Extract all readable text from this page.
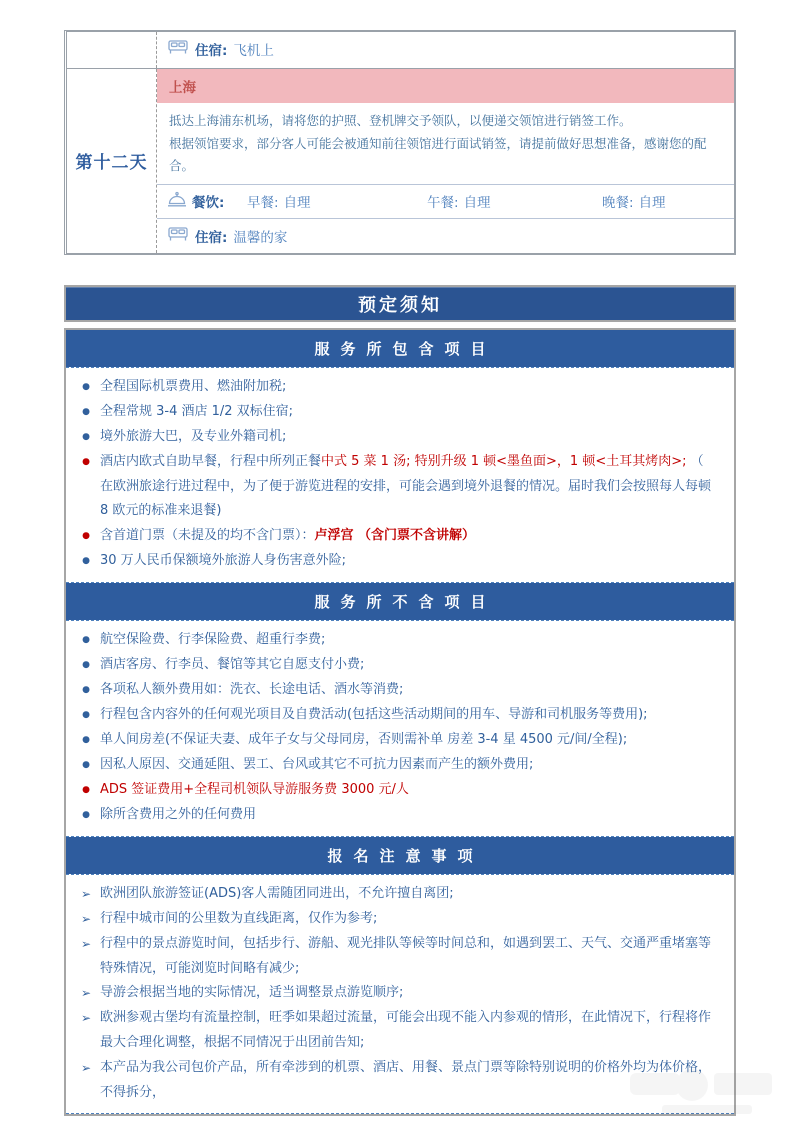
住宿: 飞机上
第十二天
上海
抵达上海浦东机场，请将您的护照、登机牌交予领队，以便递交领馆进行销签工作。
根据领馆要求，部分客人可能会被通知前往领馆进行面试销签，请提前做好思想准备，感谢您的配合。
餐饮: 早餐: 自理	午餐: 自理	晚餐: 自理
住宿: 温馨的家
预定须知
服务所包含项目
● 全程国际机票费用、燃油附加税;
● 全程常规 3-4 酒店 1/2 双标住宿;
● 境外旅游大巴，及专业外籍司机;
● 酒店内欧式自助早餐，行程中所列正餐中式 5 菜 1 汤; 特别升级 1 顿<墨鱼面>，1 顿<土耳其烤肉>; （ 在欧洲旅途行进过程中，为了便于游览进程的安排，可能会遇到境外退餐的情况。届时我们会按照每人每顿 8 欧元的标准来退餐)
● 含首道门票（未提及的均不含门票）：卢浮宫 （含门票不含讲解）
● 30 万人民币保额境外旅游人身伤害意外险;
服务所不含项目
● 航空保险费、行李保险费、超重行李费;
● 酒店客房、行李员、餐馆等其它自愿支付小费;
● 各项私人额外费用如：洗衣、长途电话、酒水等消费;
● 行程包含内容外的任何观光项目及自费活动(包括这些活动期间的用车、导游和司机服务等费用);
● 单人间房差(不保证夫妻、成年子女与父母同房，否则需补单 房差 3-4 星 4500 元/间/全程);
● 因私人原因、交通延阻、罢工、台风或其它不可抗力因素而产生的额外费用;
● ADS 签证费用+全程司机领队导游服务费 3000 元/人
● 除所含费用之外的任何费用
报名注意事项
➢ 欧洲团队旅游签证(ADS)客人需随团同进出，不允许擅自离团;
➢ 行程中城市间的公里数为直线距离，仅作为参考;
➢ 行程中的景点游览时间，包括步行、游船、观光排队等候等时间总和，如遇到罢工、天气、交通严重堵塞等特殊情况，可能浏览时间略有减少;
➢ 导游会根据当地的实际情况，适当调整景点游览顺序;
➢ 欧洲参观古堡均有流量控制，旺季如果超过流量，可能会出现不能入内参观的情形，在此情况下，行程将作最大合理化调整，根据不同情况于出团前告知;
➢ 本产品为我公司包价产品，所有牵涉到的机票、酒店、用餐、景点门票等除特别说明的价格外均为体价格，不得拆分，
